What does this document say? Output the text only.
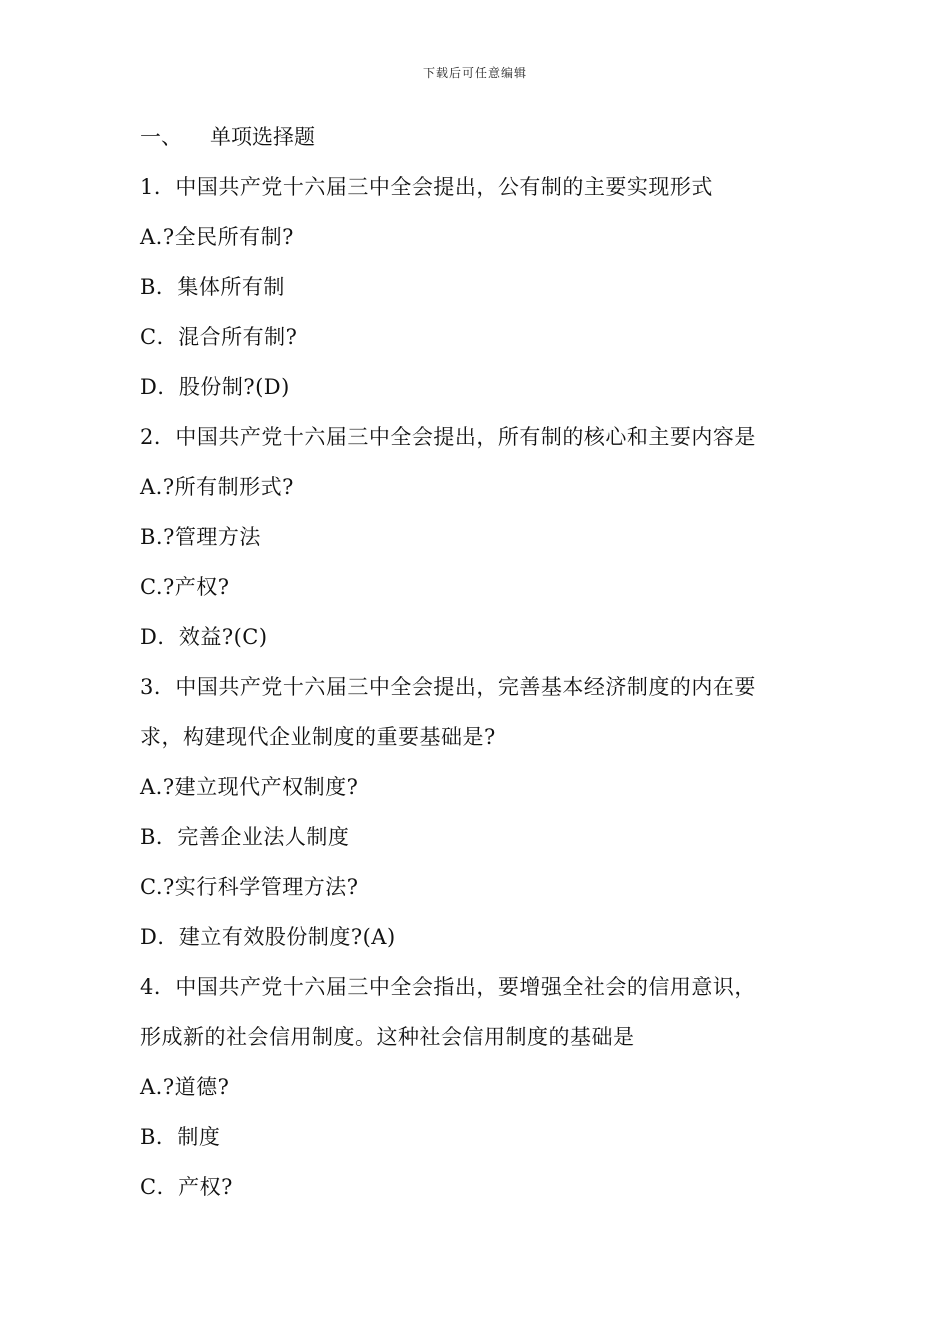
下载后可任意编辑
一、 单项选择题
1．中国共产党十六届三中全会提出，公有制的主要实现形式
A.?全民所有制?
B．集体所有制
C．混合所有制?
D．股份制?(D)
2．中国共产党十六届三中全会提出，所有制的核心和主要内容是
A.?所有制形式?
B.?管理方法
C.?产权?
D．效益?(C)
3．中国共产党十六届三中全会提出，完善基本经济制度的内在要
求，构建现代企业制度的重要基础是?
A.?建立现代产权制度?
B．完善企业法人制度
C.?实行科学管理方法?
D．建立有效股份制度?(A)
4．中国共产党十六届三中全会指出，要增强全社会的信用意识，
形成新的社会信用制度。这种社会信用制度的基础是
A.?道德?
B．制度
C．产权?
